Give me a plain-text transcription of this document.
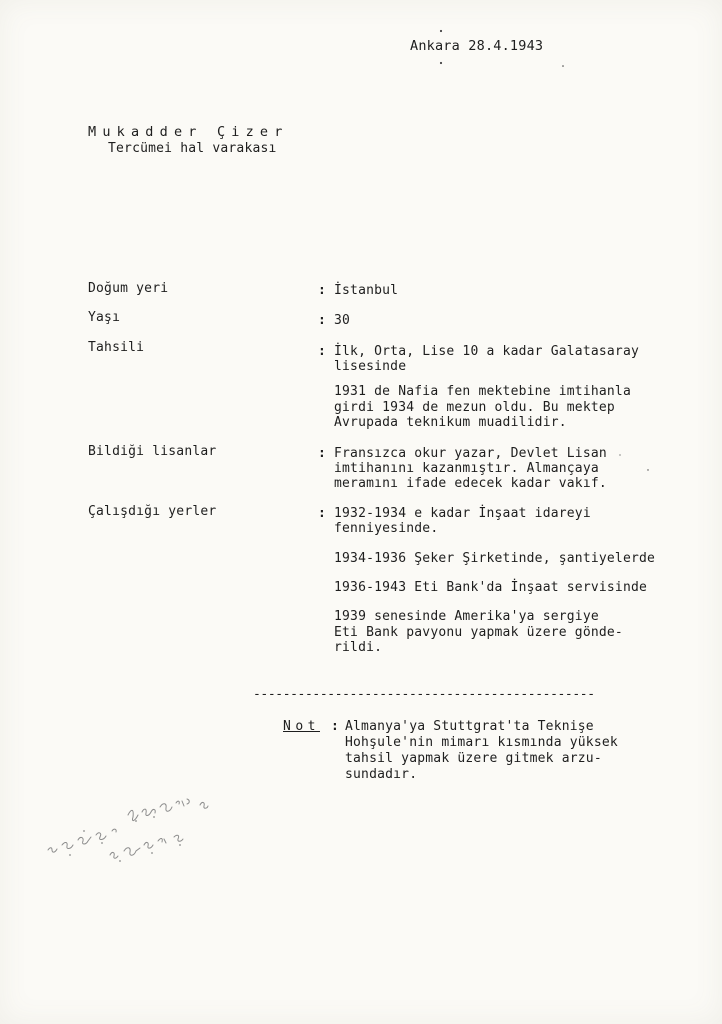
Ankara 28.4.1943
Mukadder Çizer
Tercümei hal varakası
Doğum yeri	: İstanbul
Yaşı	: 30
Tahsili	: İlk, Orta, Lise 10 a kadar Galatasaray
lisesinde
1931 de Nafia fen mektebine imtihanla
girdi 1934 de mezun oldu. Bu mektep
Avrupada teknikum muadilidir.
Bildiği lisanlar	: Fransızca okur yazar, Devlet Lisan
imtihanını kazanmıştır. Almançaya
meramını ifade edecek kadar vakıf.
Çalışdığı yerler	: 1932-1934 e kadar İnşaat idareyi
fenniyesinde.
1934-1936 Şeker Şirketinde, şantiyelerde
1936-1943 Eti Bank'da İnşaat servisinde
1939 senesinde Amerika'ya sergiye
Eti Bank pavyonu yapmak üzere gönde-
rildi.
----------------------------------------------
Not : Almanya'ya Stuttgrat'ta Teknişe
Hohşule'nin mimarı kısmında yüksek
tahsil yapmak üzere gitmek arzu-
sundadır.
